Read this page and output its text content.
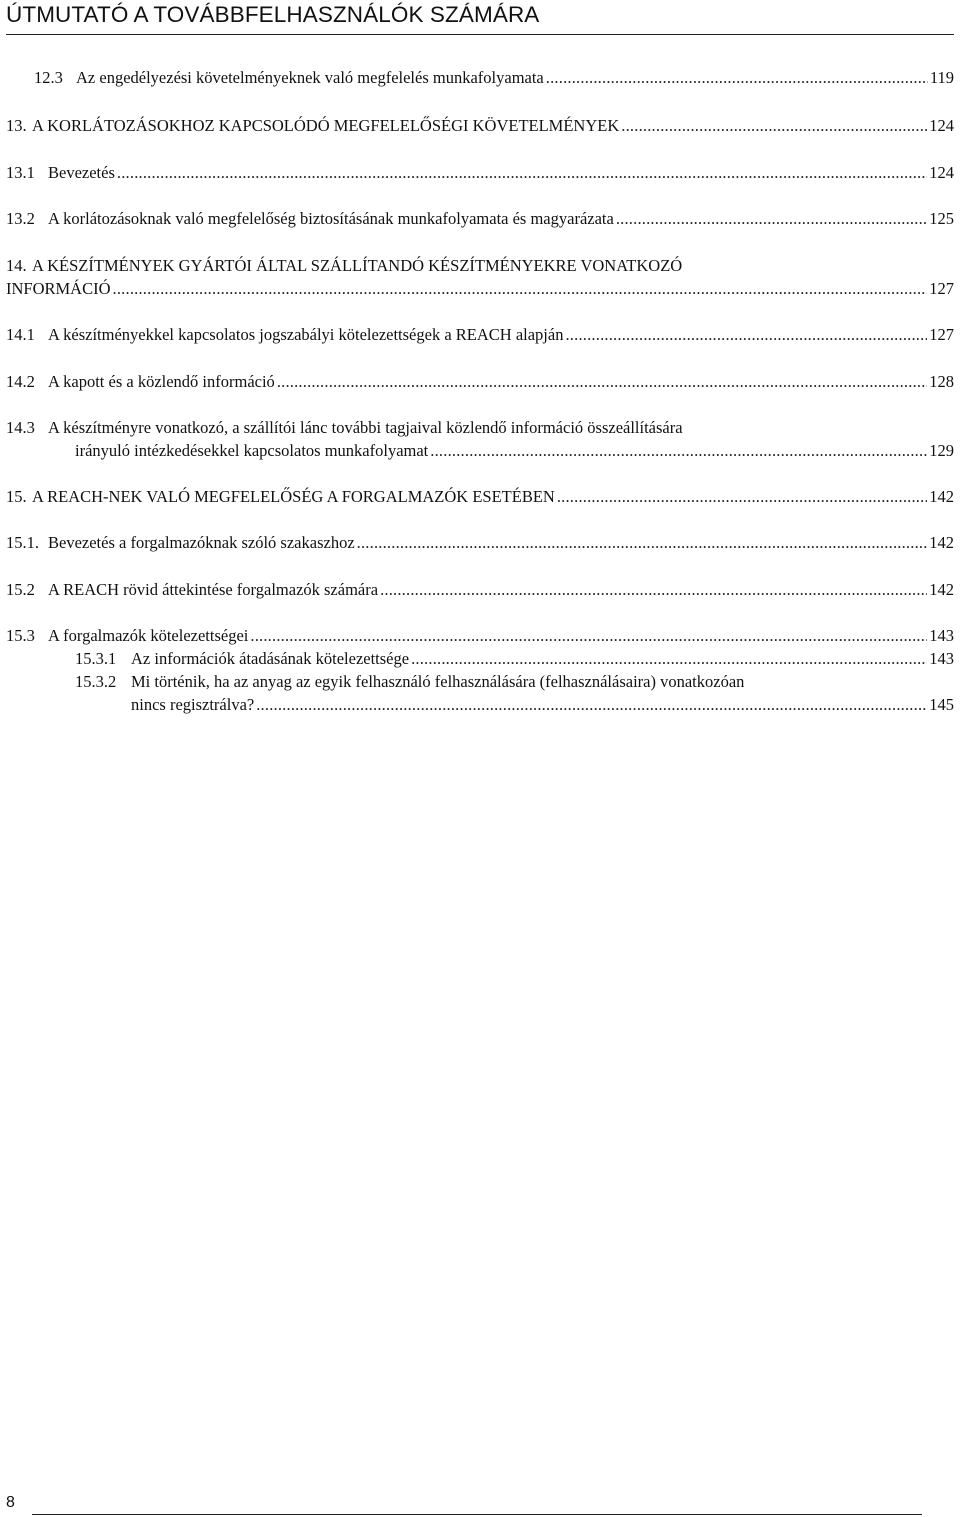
ÚTMUTATÓ A TOVÁBBFELHASZNÁLÓK SZÁMÁRA
12.3 Az engedélyezési követelményeknek való megfelelés munkafolyamata .....	119
13. A KORLÁTOZÁSOKHOZ KAPCSOLÓDÓ MEGFELELŐSÉGI KÖVETELMÉNYEK .....	124
13.1 Bevezetés .....	124
13.2 A korlátozásoknak való megfelelőség biztosításának munkafolyamata és magyarázata .....	125
14. A KÉSZÍTMÉNYEK GYÁRTÓI ÁLTAL SZÁLLÍTANDÓ KÉSZÍTMÉNYEKRE VONATKOZÓ
INFORMÁCIÓ .....	127
14.1 A készítményekkel kapcsolatos jogszabályi kötelezettségek a REACH alapján .....	127
14.2 A kapott és a közlendő információ .....	128
14.3 A készítményre vonatkozó, a szállítói lánc további tagjaival közlendő információ összeállítására
irányuló intézkedésekkel kapcsolatos munkafolyamat .....	129
15. A REACH-NEK VALÓ MEGFELELŐSÉG A FORGALMAZÓK ESETÉBEN .....	142
15.1. Bevezetés a forgalmazóknak szóló szakaszhoz .....	142
15.2 A REACH rövid áttekintése forgalmazók számára .....	142
15.3 A forgalmazók kötelezettségei .....	143
15.3.1 Az információk átadásának kötelezettsége .....	143
15.3.2 Mi történik, ha az anyag az egyik felhasználó felhasználására (felhasználásaira) vonatkozóan
nincs regisztrálva? .....	145
8
